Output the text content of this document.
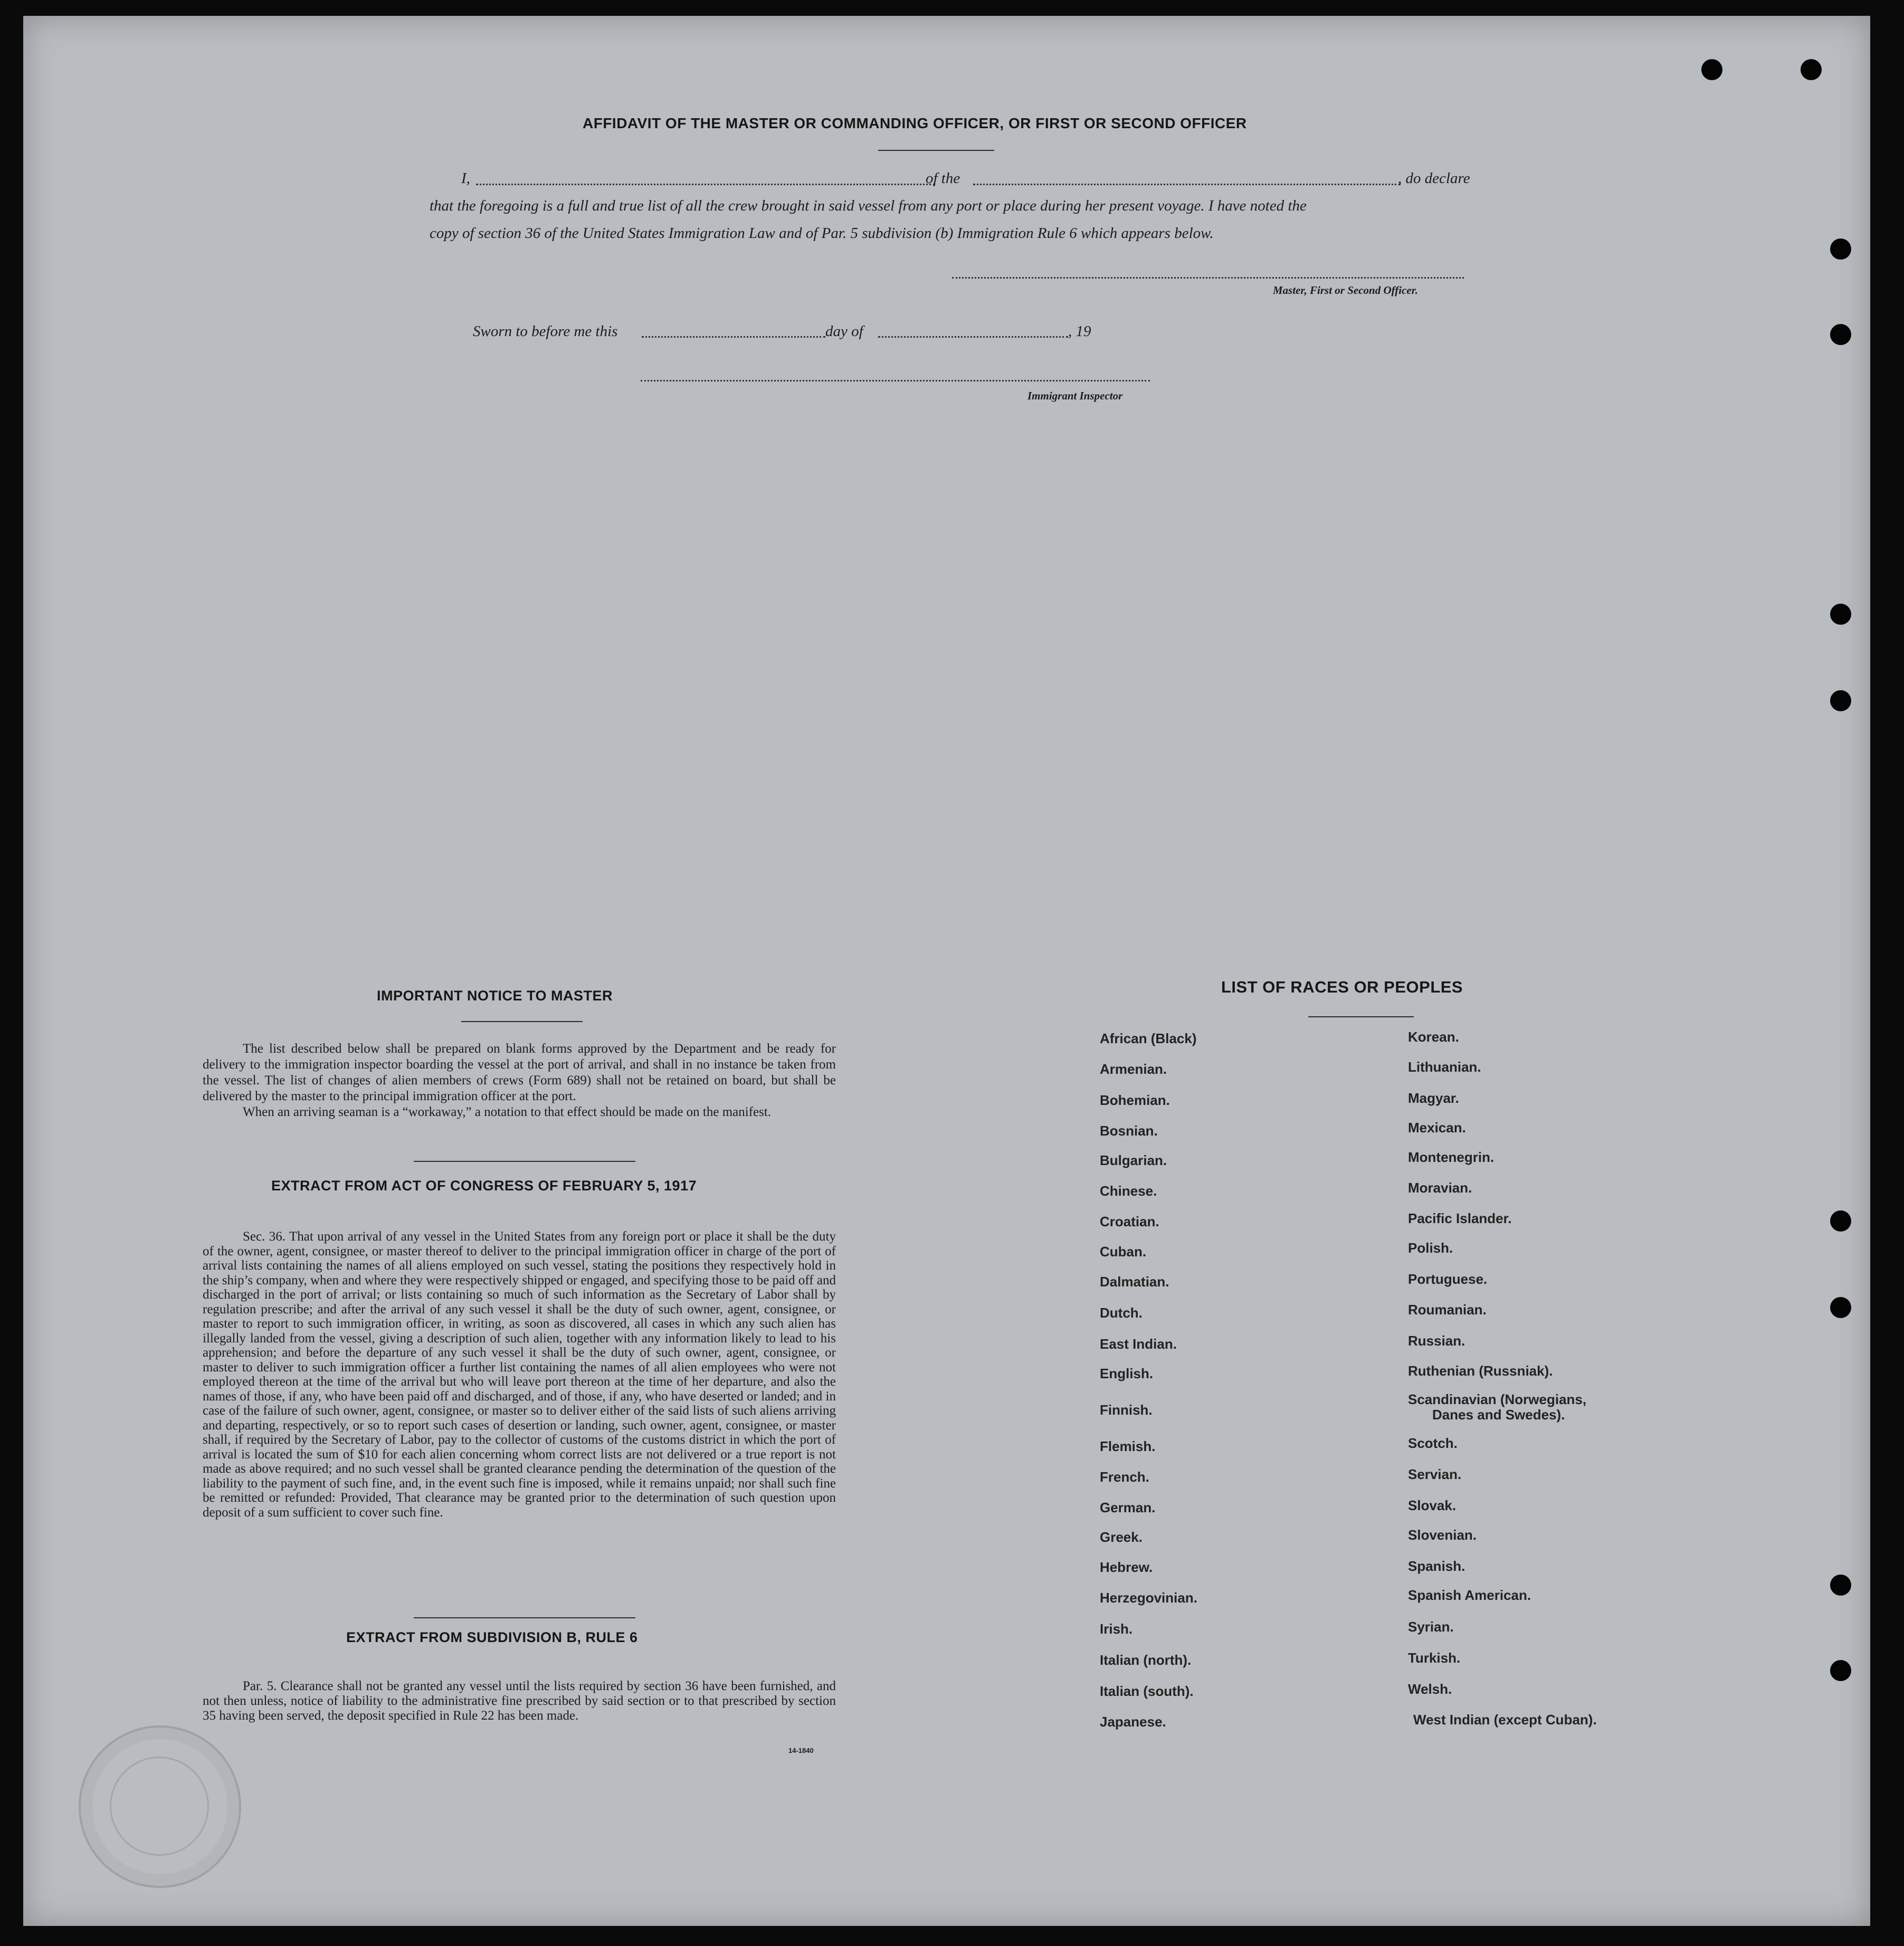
AFFIDAVIT OF THE MASTER OR COMMANDING OFFICER, OR FIRST OR SECOND OFFICER
I,	of the	, do declare
that the foregoing is a full and true list of all the crew brought in said vessel from any port or place during her present voyage. I have noted the
copy of section 36 of the United States Immigration Law and of Par. 5 subdivision (b) Immigration Rule 6 which appears below.
Master, First or Second Officer.
Sworn to before me this	day of	, 19
Immigrant Inspector
IMPORTANT NOTICE TO MASTER

The list described below shall be prepared on blank forms approved by the Department and be ready for delivery to the immigration inspector boarding the vessel at the port of arrival, and shall in no instance be taken from the vessel. The list of changes of alien members of crews (Form 689) shall not be retained on board, but shall be delivered by the master to the principal immigration officer at the port.

When an arriving seaman is a “workaway,” a notation to that effect should be made on the manifest.

EXTRACT FROM ACT OF CONGRESS OF FEBRUARY 5, 1917

Sec. 36. That upon arrival of any vessel in the United States from any foreign port or place it shall be the duty of the owner, agent, consignee, or master thereof to deliver to the principal immigration officer in charge of the port of arrival lists containing the names of all aliens employed on such vessel, stating the positions they respectively hold in the ship’s company, when and where they were respectively shipped or engaged, and specifying those to be paid off and discharged in the port of arrival; or lists containing so much of such information as the Secretary of Labor shall by regulation prescribe; and after the arrival of any such vessel it shall be the duty of such owner, agent, consignee, or master to report to such immigration officer, in writing, as soon as discovered, all cases in which any such alien has illegally landed from the vessel, giving a description of such alien, together with any information likely to lead to his apprehension; and before the departure of any such vessel it shall be the duty of such owner, agent, consignee, or master to deliver to such immigration officer a further list containing the names of all alien employees who were not employed thereon at the time of the arrival but who will leave port thereon at the time of her departure, and also the names of those, if any, who have been paid off and discharged, and of those, if any, who have deserted or landed; and in case of the failure of such owner, agent, consignee, or master so to deliver either of the said lists of such aliens arriving and departing, respectively, or so to report such cases of desertion or landing, such owner, agent, consignee, or master shall, if required by the Secretary of Labor, pay to the collector of customs of the customs district in which the port of arrival is located the sum of $10 for each alien concerning whom correct lists are not delivered or a true report is not made as above required; and no such vessel shall be granted clearance pending the determination of the question of the liability to the payment of such fine, and, in the event such fine is imposed, while it remains unpaid; nor shall such fine be remitted or refunded: Provided, That clearance may be granted prior to the determination of such question upon deposit of a sum sufficient to cover such fine.

EXTRACT FROM SUBDIVISION B, RULE 6

Par. 5. Clearance shall not be granted any vessel until the lists required by section 36 have been furnished, and not then unless, notice of liability to the administrative fine prescribed by said section or to that prescribed by section 35 having been served, the deposit specified in Rule 22 has been made.

14-1840
LIST OF RACES OR PEOPLES
African (Black)
Armenian.
Bohemian.
Bosnian.
Bulgarian.
Chinese.
Croatian.
Cuban.
Dalmatian.
Dutch.
East Indian.
English.
Finnish.
Flemish.
French.
German.
Greek.
Hebrew.
Herzegovinian.
Irish.
Italian (north).
Italian (south).
Japanese.
Korean.
Lithuanian.
Magyar.
Mexican.
Montenegrin.
Moravian.
Pacific Islander.
Polish.
Portuguese.
Roumanian.
Russian.
Ruthenian (Russniak).
Scandinavian (Norwegians,
Danes and Swedes).
Scotch.
Servian.
Slovak.
Slovenian.
Spanish.
Spanish American.
Syrian.
Turkish.
Welsh.
West Indian (except Cuban).
